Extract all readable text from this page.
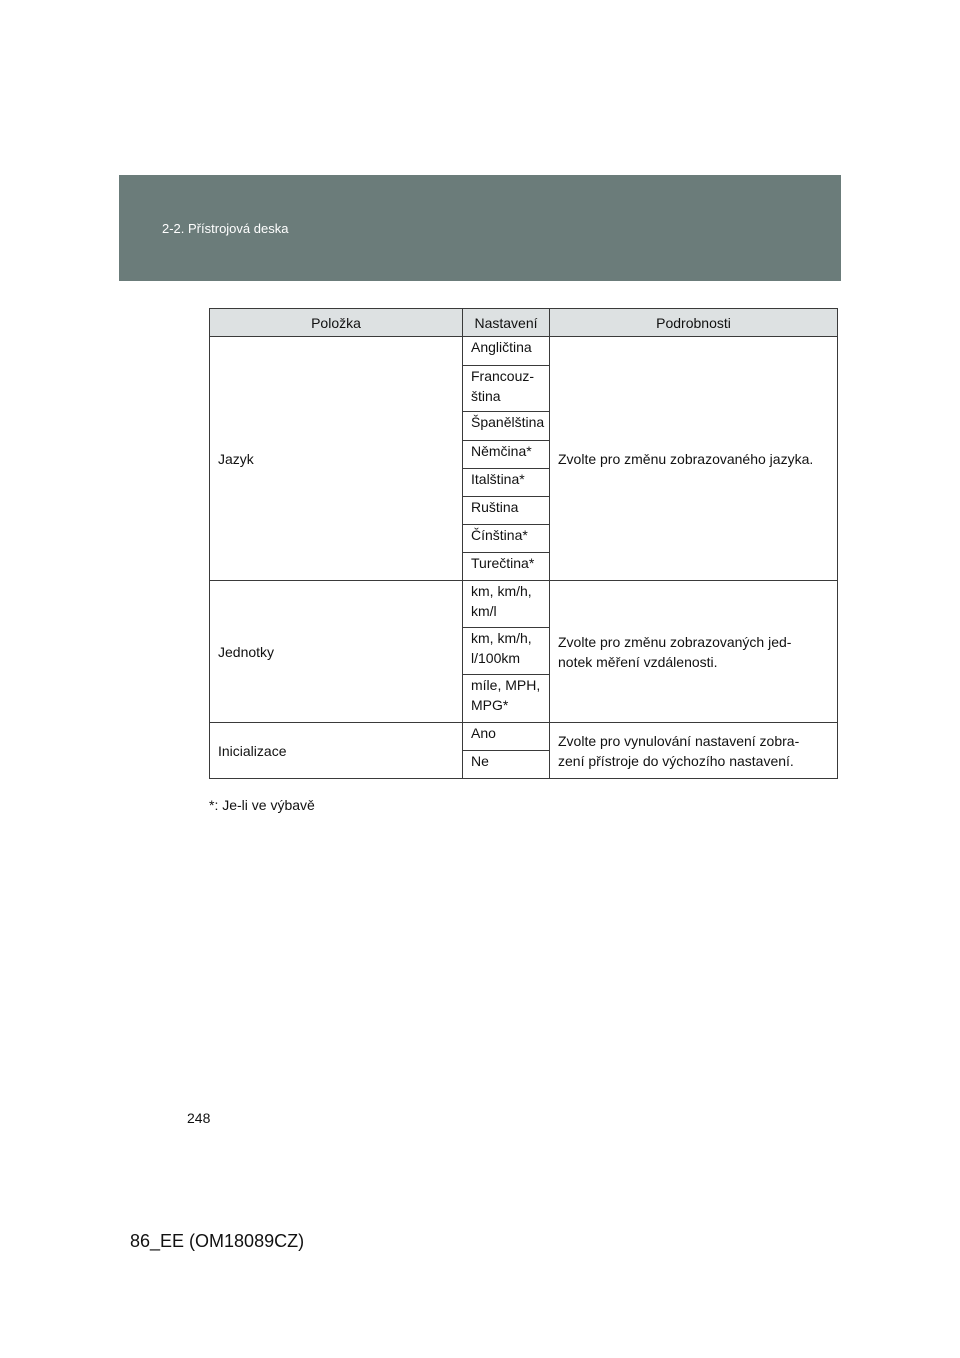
2-2. Přístrojová deska
Položka	Nastavení	Podrobnosti
Jazyk	Angličtina	Zvolte pro změnu zobrazovaného jazyka.
	Francouz-
ština	
	Španělština	
	Němčina*	
	Italština*	
	Ruština	
	Čínština*	
	Turečtina*	
Jednotky	km, km/h,
km/l	Zvolte pro změnu zobrazovaných jed-
notek měření vzdálenosti.
	km, km/h,
l/100km	
	míle, MPH,
MPG*	
Inicializace	Ano	Zvolte pro vynulování nastavení zobra-
zení přístroje do výchozího nastavení.
	Ne	
*: Je-li ve výbavě
248
86_EE (OM18089CZ)
